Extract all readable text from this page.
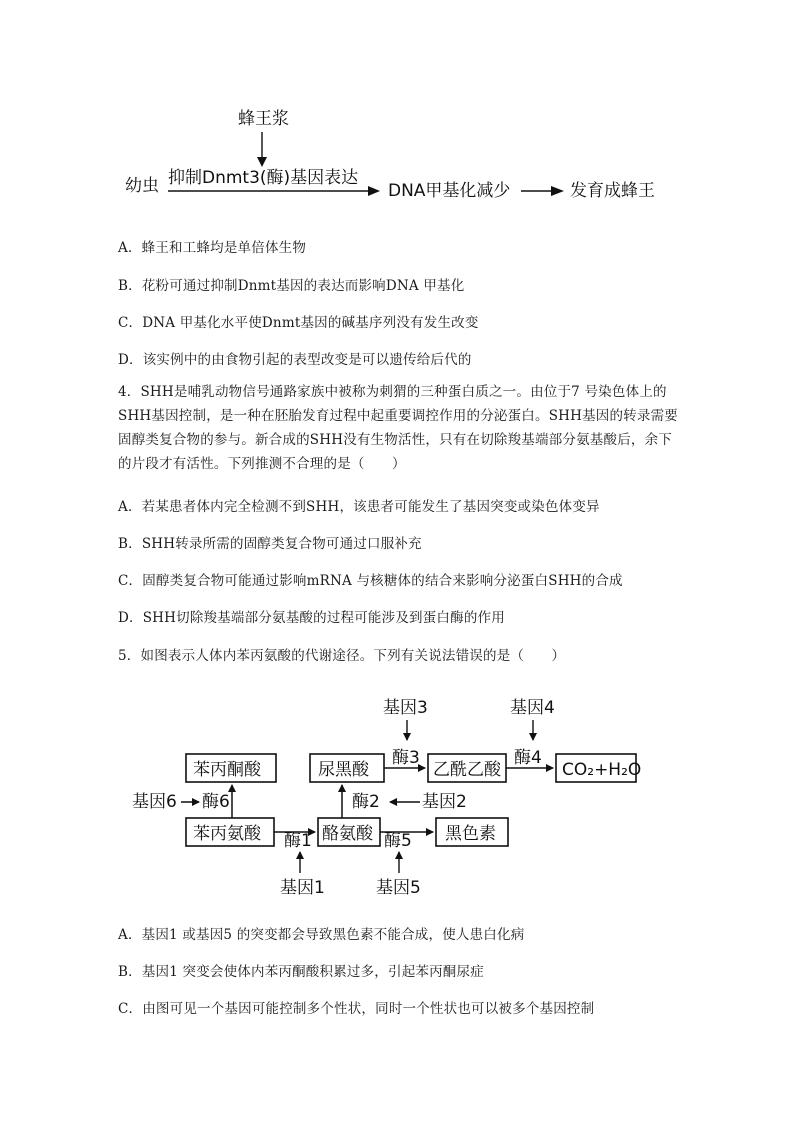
蜂王浆
幼虫 抑制Dnmt3(酶)基因表达
DNA甲基化减少	发育成蜂王
A．蜂王和工蜂均是单倍体生物
B．花粉可通过抑制Dnmt基因的表达而影响DNA 甲基化
C．DNA 甲基化水平使Dnmt基因的碱基序列没有发生改变
D．该实例中的由食物引起的表型改变是可以遗传给后代的
4．SHH是哺乳动物信号通路家族中被称为刺猬的三种蛋白质之一。由位于7 号染色体上的SHH基因控制，是一种在胚胎发育过程中起重要调控作用的分泌蛋白。SHH基因的转录需要固醇类复合物的参与。新合成的SHH没有生物活性，只有在切除羧基端部分氨基酸后，余下的片段才有活性。下列推测不合理的是（　　）
A．若某患者体内完全检测不到SHH，该患者可能发生了基因突变或染色体变异
B．SHH转录所需的固醇类复合物可通过口服补充
C．固醇类复合物可能通过影响mRNA 与核糖体的结合来影响分泌蛋白SHH的合成
D．SHH切除羧基端部分氨基酸的过程可能涉及到蛋白酶的作用
5．如图表示人体内苯丙氨酸的代谢途径。下列有关说法错误的是（　　）
苯丙酮酸	尿黑酸	乙酰乙酸	CO₂+H₂O
苯丙氨酸	酪氨酸	黑色素
基因3
酶3
基因4
酶4
基因6 酶6	酶2 基因2
酶1
基因1
酶5
基因5
A．基因1 或基因5 的突变都会导致黑色素不能合成，使人患白化病
B．基因1 突变会使体内苯丙酮酸积累过多，引起苯丙酮尿症
C．由图可见一个基因可能控制多个性状，同时一个性状也可以被多个基因控制
